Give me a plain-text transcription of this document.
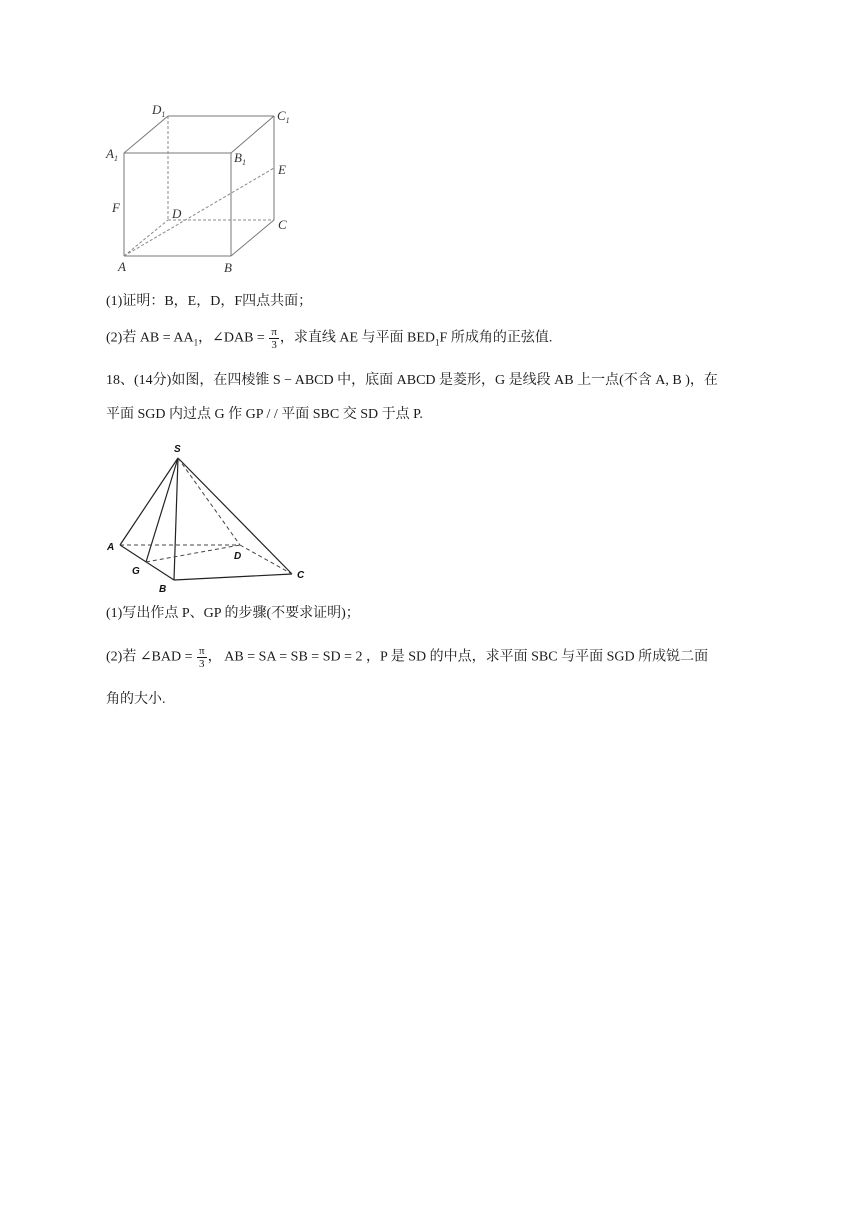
$D_1$	$C_1$
$A_1$	$B_1$ E
F	D
C
A	B
(1)证明：B，E，D，F四点共面；
(2)若 AB = $AA_1$，∠DAB = $\frac{\pi}{3}$ ，求直线 AE 与平面 $BED_1F$ 所成角的正弦值.
18、(14分)如图，在四棱锥 S − ABCD 中，底面 ABCD 是菱形，G 是线段 AB 上一点(不含 A, B )，在
平面 SGD 内过点 G 作 GP / / 平面 SBC 交 SD 于点 P.
S
A
G
D
B
C
(1)写出作点 P、GP 的步骤(不要求证明)；
(2)若 ∠BAD = $\frac{\pi}{3}$ ， AB = SA = SB = SD = 2 ，P 是 SD 的中点，求平面 SBC 与平面 SGD 所成锐二面
角的大小.
